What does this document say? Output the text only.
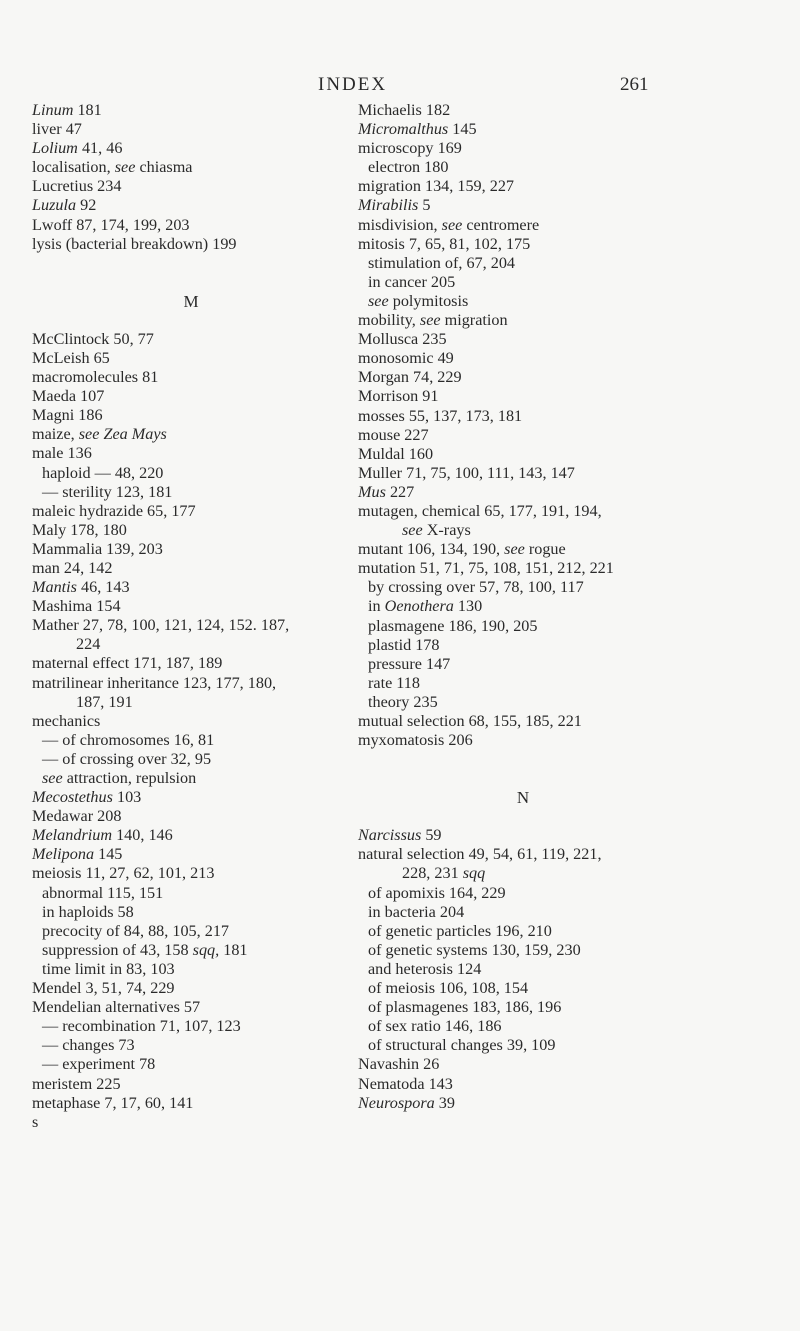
INDEX	261
Linum 181
liver 47
Lolium 41, 46
localisation, see chiasma
Lucretius 234
Luzula 92
Lwoff 87, 174, 199, 203
lysis (bacterial breakdown) 199
M
McClintock 50, 77
McLeish 65
macromolecules 81
Maeda 107
Magni 186
maize, see Zea Mays
male 136
haploid — 48, 220
— sterility 123, 181
maleic hydrazide 65, 177
Maly 178, 180
Mammalia 139, 203
man 24, 142
Mantis 46, 143
Mashima 154
Mather 27, 78, 100, 121, 124, 152. 187,
224
maternal effect 171, 187, 189
matrilinear inheritance 123, 177, 180,
187, 191
mechanics
— of chromosomes 16, 81
— of crossing over 32, 95
see attraction, repulsion
Mecostethus 103
Medawar 208
Melandrium 140, 146
Melipona 145
meiosis 11, 27, 62, 101, 213
abnormal 115, 151
in haploids 58
precocity of 84, 88, 105, 217
suppression of 43, 158 sqq, 181
time limit in 83, 103
Mendel 3, 51, 74, 229
Mendelian alternatives 57
— recombination 71, 107, 123
— changes 73
— experiment 78
meristem 225
metaphase 7, 17, 60, 141
s
Michaelis 182
Micromalthus 145
microscopy 169
electron 180
migration 134, 159, 227
Mirabilis 5
misdivision, see centromere
mitosis 7, 65, 81, 102, 175
stimulation of, 67, 204
in cancer 205
see polymitosis
mobility, see migration
Mollusca 235
monosomic 49
Morgan 74, 229
Morrison 91
mosses 55, 137, 173, 181
mouse 227
Muldal 160
Muller 71, 75, 100, 111, 143, 147
Mus 227
mutagen, chemical 65, 177, 191, 194,
see X-rays
mutant 106, 134, 190, see rogue
mutation 51, 71, 75, 108, 151, 212, 221
by crossing over 57, 78, 100, 117
in Oenothera 130
plasmagene 186, 190, 205
plastid 178
pressure 147
rate 118
theory 235
mutual selection 68, 155, 185, 221
myxomatosis 206
N
Narcissus 59
natural selection 49, 54, 61, 119, 221,
228, 231 sqq
of apomixis 164, 229
in bacteria 204
of genetic particles 196, 210
of genetic systems 130, 159, 230
and heterosis 124
of meiosis 106, 108, 154
of plasmagenes 183, 186, 196
of sex ratio 146, 186
of structural changes 39, 109
Navashin 26
Nematoda 143
Neurospora 39
